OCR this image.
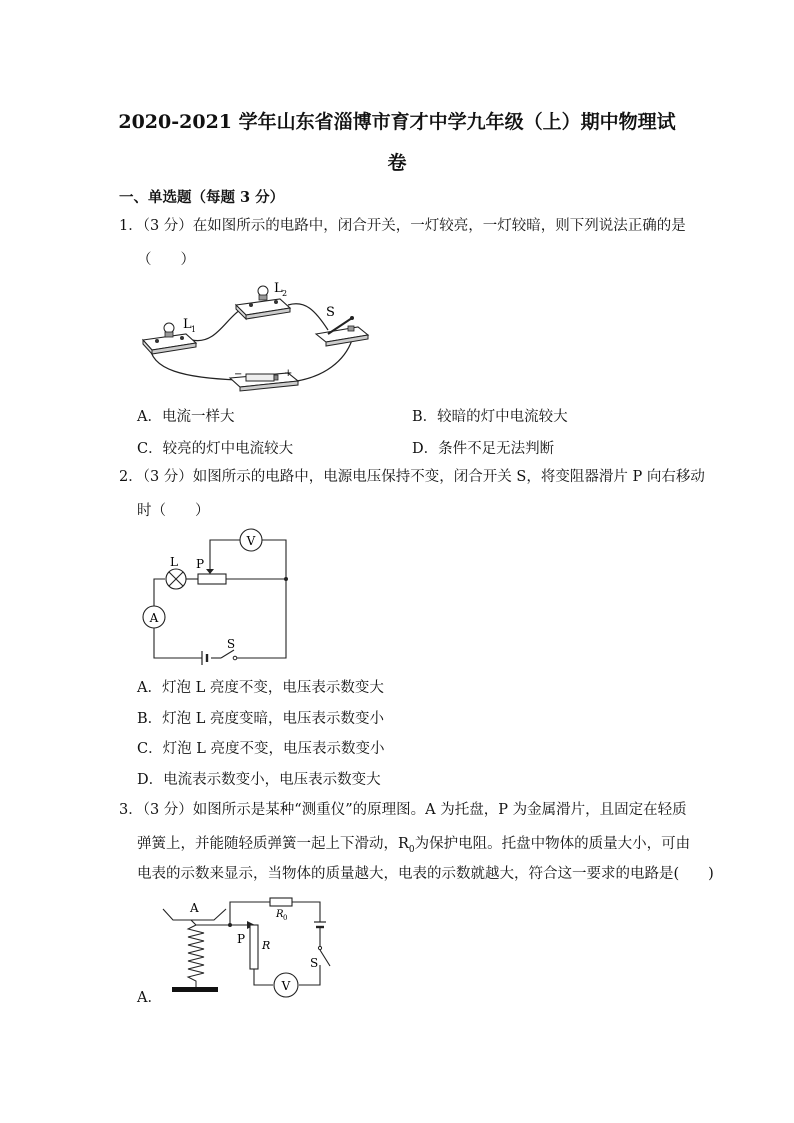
2020-2021 学年山东省淄博市育才中学九年级（上）期中物理试
卷
一、单选题（每题 3 分）
1．（3 分）在如图所示的电路中，闭合开关，一灯较亮，一灯较暗，则下列说法正确的是
（　　）
L 1
L 2
S
−	+
A．电流一样大	B．较暗的灯中电流较大
C．较亮的灯中电流较大	D．条件不足无法判断
2．（3 分）如图所示的电路中，电源电压保持不变，闭合开关 S，将变阻器滑片 P 向右移动
时（　　）
V
L P
A
S
A．灯泡 L 亮度不变，电压表示数变大
B．灯泡 L 亮度变暗，电压表示数变小
C．灯泡 L 亮度不变，电压表示数变小
D．电流表示数变小，电压表示数变大
3．（3 分）如图所示是某种“测重仪”的原理图。A 为托盘，P 为金属滑片，且固定在轻质
弹簧上，并能随轻质弹簧一起上下滑动，$R_0$为保护电阻。托盘中物体的质量大小，可由
电表的示数来显示，当物体的质量越大，电表的示数就越大，符合这一要求的电路是(　　)
A
P R
R 0
S
V
A．
